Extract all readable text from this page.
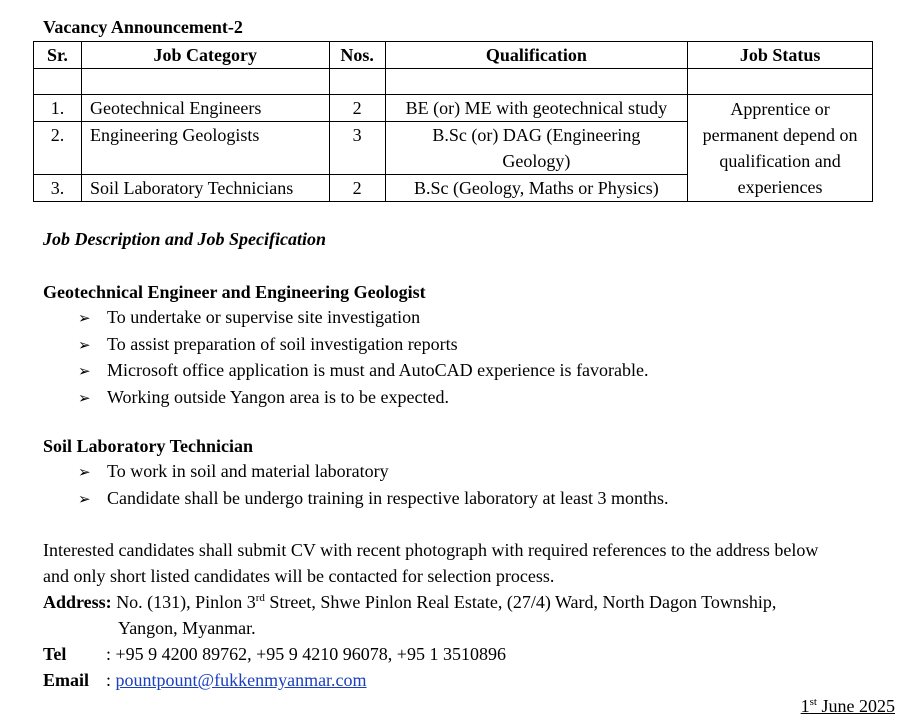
Vacancy Announcement-2
Sr.	Job Category	Nos.	Qualification	Job Status

1.	Geotechnical Engineers	2	BE (or) ME with geotechnical study	Apprentice or permanent depend on qualification and experiences
2.	Engineering Geologists	3	B.Sc (or) DAG (Engineering Geology)	
3.	Soil Laboratory Technicians	2	B.Sc (Geology, Maths or Physics)	
Job Description and Job Specification
Geotechnical Engineer and Engineering Geologist
➢ To undertake or supervise site investigation
➢ To assist preparation of soil investigation reports
➢ Microsoft office application is must and AutoCAD experience is favorable.
➢ Working outside Yangon area is to be expected.
Soil Laboratory Technician
➢ To work in soil and material laboratory
➢ Candidate shall be undergo training in respective laboratory at least 3 months.
Interested candidates shall submit CV with recent photograph with required references to the address below
and only short listed candidates will be contacted for selection process.
Address: No. (131), Pinlon 3rd Street, Shwe Pinlon Real Estate, (27/4) Ward, North Dagon Township,
Yangon, Myanmar.
Tel : +95 9 4200 89762, +95 9 4210 96078, +95 1 3510896
Email : pountpount@fukkenmyanmar.com
1st June 2025
